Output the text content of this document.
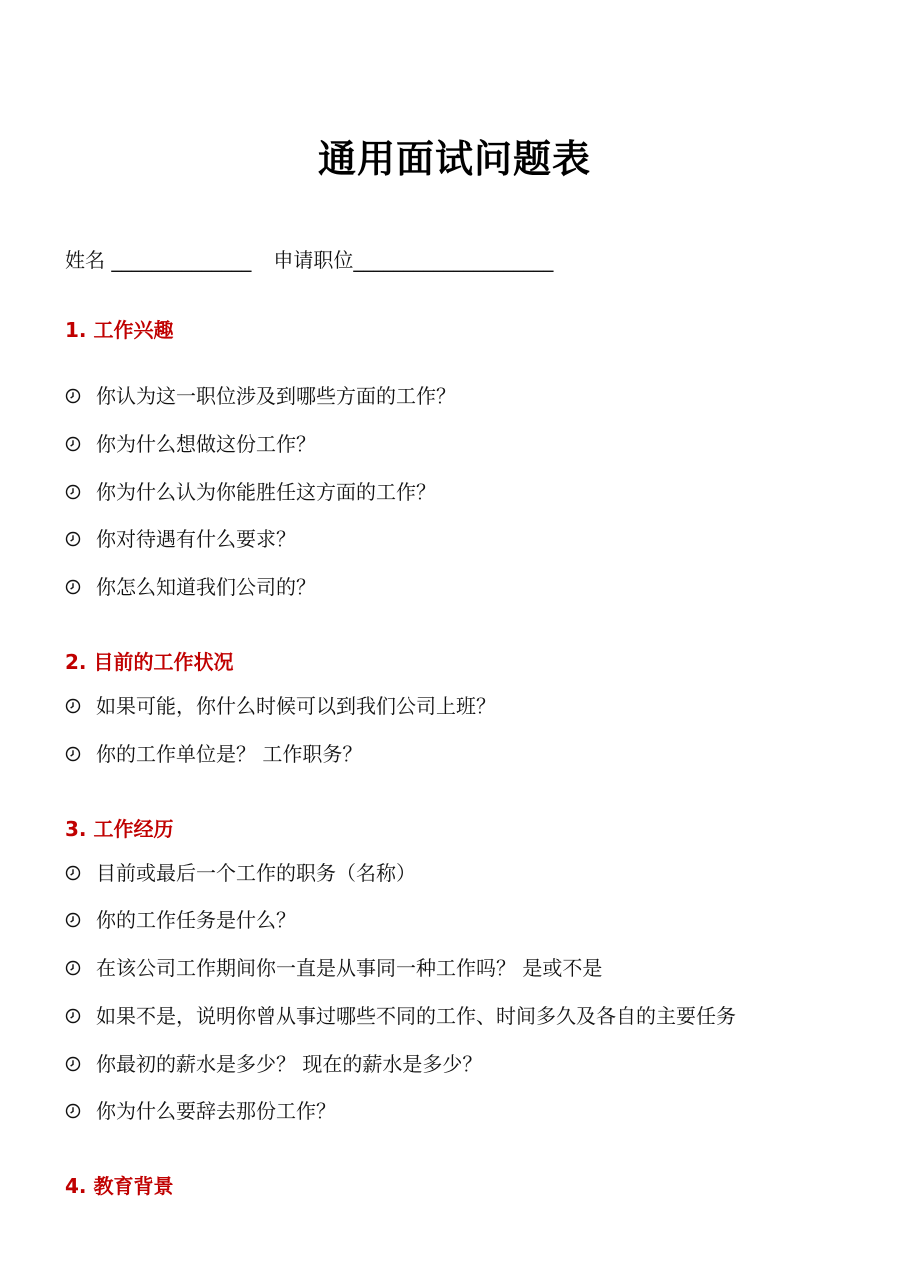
通用面试问题表
姓名 ______________ 申请职位____________________
1. 工作兴趣
你认为这一职位涉及到哪些方面的工作？
你为什么想做这份工作？
你为什么认为你能胜任这方面的工作？
你对待遇有什么要求？
你怎么知道我们公司的？
2. 目前的工作状况
如果可能，你什么时候可以到我们公司上班？
你的工作单位是？ 工作职务？
3. 工作经历
目前或最后一个工作的职务（名称）
你的工作任务是什么？
在该公司工作期间你一直是从事同一种工作吗？ 是或不是
如果不是，说明你曾从事过哪些不同的工作、时间多久及各自的主要任务
你最初的薪水是多少？ 现在的薪水是多少？
你为什么要辞去那份工作？
4. 教育背景
